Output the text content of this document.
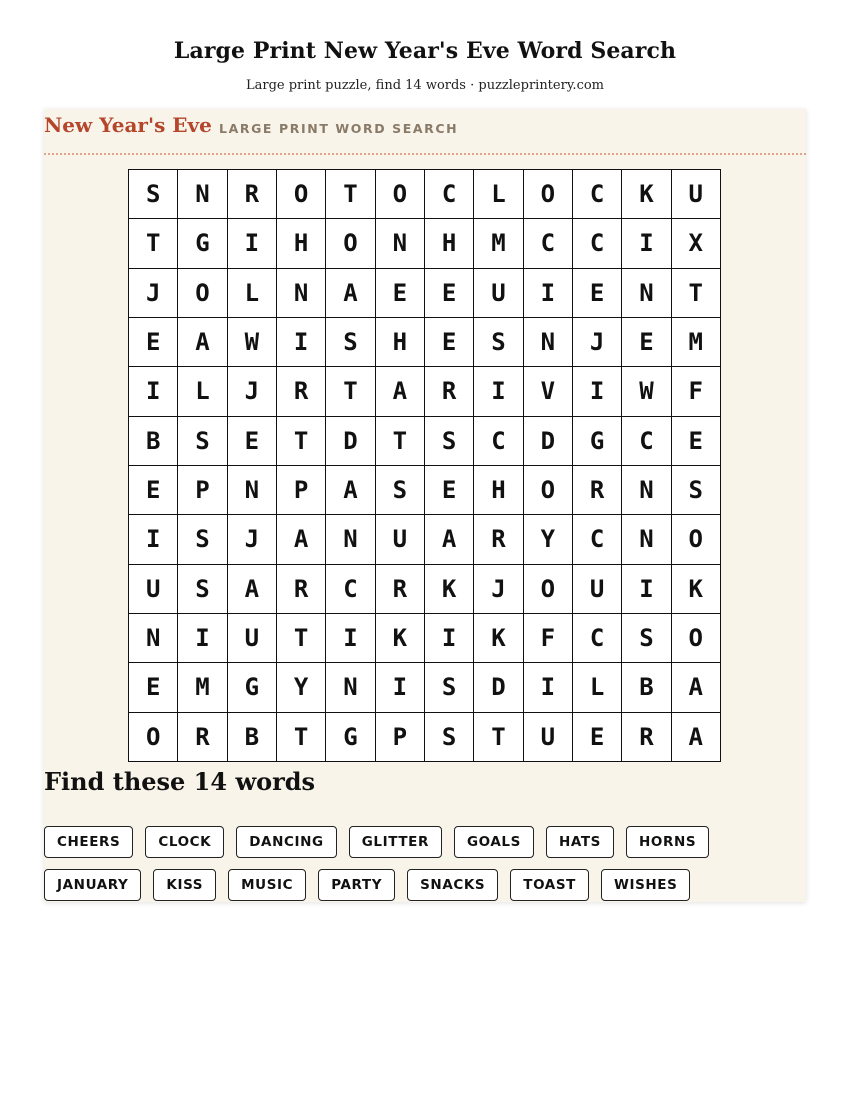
Large Print New Year's Eve Word Search
Large print puzzle, find 14 words · puzzleprintery.com
New Year's Eve LARGE PRINT WORD SEARCH
S	N	R	O	T	O	C	L	O	C	K	U
T	G	I	H	O	N	H	M	C	C	I	X
J	O	L	N	A	E	E	U	I	E	N	T
E	A	W	I	S	H	E	S	N	J	E	M
I	L	J	R	T	A	R	I	V	I	W	F
B	S	E	T	D	T	S	C	D	G	C	E
E	P	N	P	A	S	E	H	O	R	N	S
I	S	J	A	N	U	A	R	Y	C	N	O
U	S	A	R	C	R	K	J	O	U	I	K
N	I	U	T	I	K	I	K	F	C	S	O
E	M	G	Y	N	I	S	D	I	L	B	A
O	R	B	T	G	P	S	T	U	E	R	A
Find these 14 words
CHEERS	CLOCK	DANCING	GLITTER	GOALS	HATS	HORNS
JANUARY	KISS	MUSIC	PARTY	SNACKS	TOAST	WISHES
